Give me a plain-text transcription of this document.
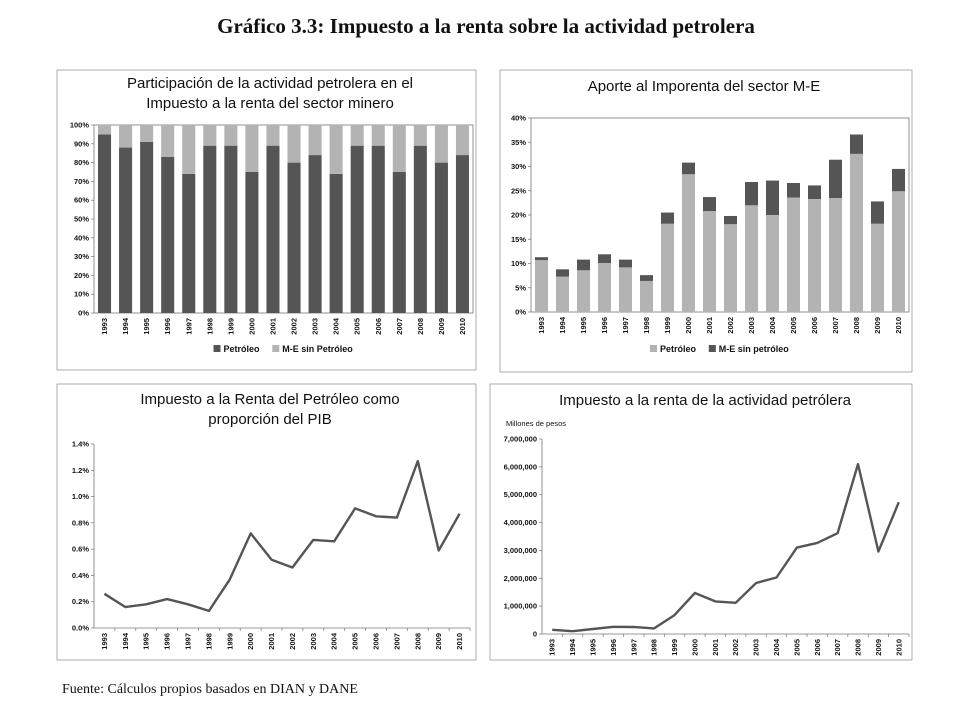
Gráfico 3.3: Impuesto a la renta sobre la actividad petrolera
Participación de la actividad petrolera en el
Impuesto a la renta del sector minero
0%
10%
20%
30%
40%
50%
60%
70%
80%
90%
100%
1993 1994 1995 1996 1997 1998 1999 2000 2001 2002 2003 2004 2005 2006 2007 2008 2009 2010
Petróleo	M-E sin Petróleo
Aporte al Imporenta del sector M-E
0%
5%
10%
15%
20%
25%
30%
35%
40%
1993 1994 1995 1996 1997 1998 1999 2000 2001 2002 2003 2004 2005 2006 2007 2008 2009 2010
Petróleo	M-E sin petróleo
Impuesto a la Renta del Petróleo como
proporción del PIB
0.0%
0.2%
0.4%
0.6%
0.8%
1.0%
1.2%
1.4%
1993 1994 1995 1996 1997 1998 1999 2000 2001 2002 2003 2004 2005 2006 2007 2008 2009 2010
Impuesto a la renta de la actividad petrólera
Millones de pesos
0
1,000,000
2,000,000
3,000,000
4,000,000
5,000,000
6,000,000
7,000,000
1993 1994 1995 1996 1997 1998 1999 2000 2001 2002 2003 2004 2005 2006 2007 2008 2009 2010
Fuente: Cálculos propios basados en DIAN y DANE
